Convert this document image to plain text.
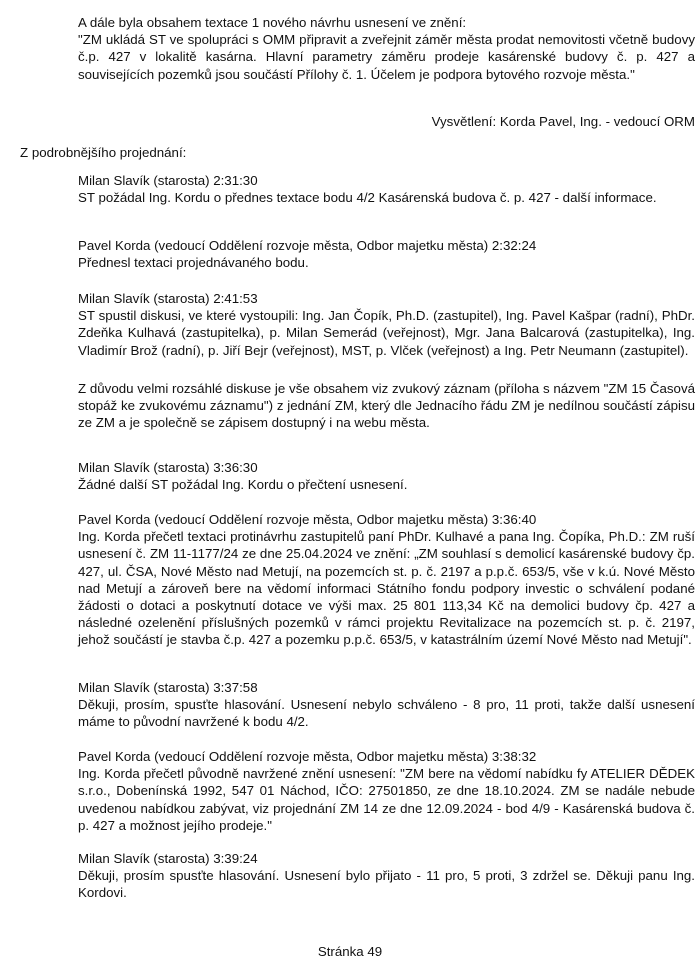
A dále byla obsahem textace 1 nového návrhu usnesení ve znění:

"ZM ukládá ST ve spolupráci s OMM připravit a zveřejnit záměr města prodat nemovitosti včetně budovy č.p. 427 v lokalitě kasárna. Hlavní parametry záměru prodeje kasárenské budovy č. p. 427 a souvisejících pozemků jsou součástí Přílohy č. 1. Účelem je podpora bytového rozvoje města."

Vysvětlení: Korda Pavel, Ing. - vedoucí ORM
Z podrobnějšího projednání:

Milan Slavík (starosta) 2:31:30

ST požádal Ing. Kordu o přednes textace bodu 4/2 Kasárenská budova č. p. 427 - další informace.

Pavel Korda (vedoucí Oddělení rozvoje města, Odbor majetku města) 2:32:24

Přednesl textaci projednávaného bodu.

Milan Slavík (starosta) 2:41:53

ST spustil diskusi, ve které vystoupili: Ing. Jan Čopík, Ph.D. (zastupitel), Ing. Pavel Kašpar (radní), PhDr. Zdeňka Kulhavá (zastupitelka), p. Milan Semerád (veřejnost), Mgr. Jana Balcarová (zastupitelka), Ing. Vladimír Brož (radní), p. Jiří Bejr (veřejnost), MST, p. Vlček (veřejnost) a Ing. Petr Neumann (zastupitel).

Z důvodu velmi rozsáhlé diskuse je vše obsahem viz zvukový záznam (příloha s názvem "ZM 15 Časová stopáž ke zvukovému záznamu") z jednání ZM, který dle Jednacího řádu ZM je nedílnou součástí zápisu ze ZM a je společně se zápisem dostupný i na webu města.

Milan Slavík (starosta) 3:36:30

Žádné další ST požádal Ing. Kordu o přečtení usnesení.

Pavel Korda (vedoucí Oddělení rozvoje města, Odbor majetku města) 3:36:40

Ing. Korda přečetl textaci protinávrhu zastupitelů paní PhDr. Kulhavé a pana Ing. Čopíka, Ph.D.: ZM ruší usnesení č. ZM 11-1177/24 ze dne 25.04.2024 ve znění: „ZM souhlasí s demolicí kasárenské budovy čp. 427, ul. ČSA, Nové Město nad Metují, na pozemcích st. p. č. 2197 a p.p.č. 653/5, vše v k.ú. Nové Město nad Metují a zároveň bere na vědomí informaci Státního fondu podpory investic o schválení podané žádosti o dotaci a poskytnutí dotace ve výši max. 25 801 113,34 Kč na demolici budovy čp. 427 a následné ozelenění příslušných pozemků v rámci projektu Revitalizace na pozemcích st. p. č. 2197, jehož součástí je stavba č.p. 427 a pozemku p.p.č. 653/5, v katastrálním území Nové Město nad Metují".

Milan Slavík (starosta) 3:37:58

Děkuji, prosím, spusťte hlasování. Usnesení nebylo schváleno - 8 pro, 11 proti, takže další usnesení máme to původní navržené k bodu 4/2.

Pavel Korda (vedoucí Oddělení rozvoje města, Odbor majetku města) 3:38:32

Ing. Korda přečetl původně navržené znění usnesení: "ZM bere na vědomí nabídku fy ATELIER DĚDEK s.r.o., Dobenínská 1992, 547 01 Náchod, IČO: 27501850, ze dne 18.10.2024. ZM se nadále nebude uvedenou nabídkou zabývat, viz projednání ZM 14 ze dne 12.09.2024 - bod 4/9 - Kasárenská budova č. p. 427 a možnost jejího prodeje."

Milan Slavík (starosta) 3:39:24

Děkuji, prosím spusťte hlasování. Usnesení bylo přijato - 11 pro, 5 proti, 3 zdržel se. Děkuji panu Ing. Kordovi.

Stránka 49
